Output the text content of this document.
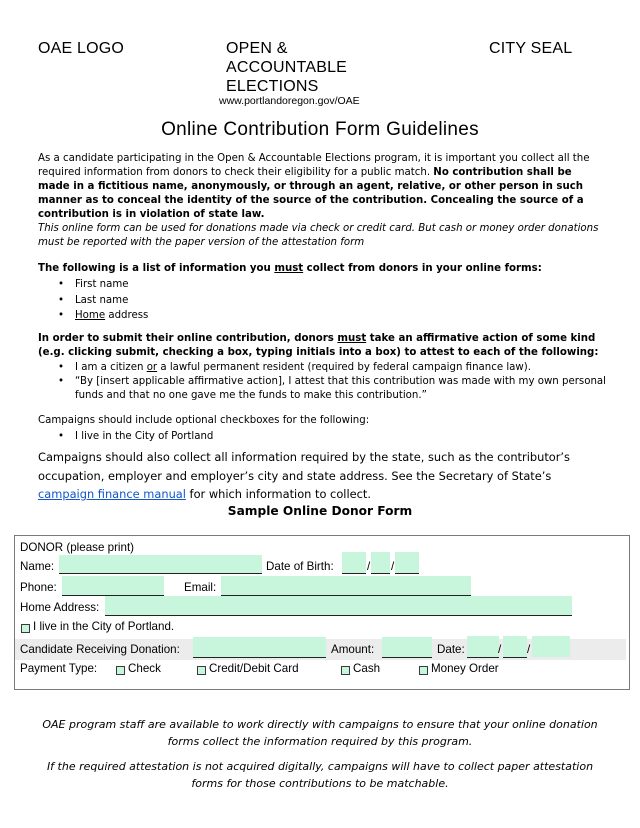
OAE LOGO	OPEN &
ACCOUNTABLE
ELECTIONS
CITY SEAL
www.portlandoregon.gov/OAE
Online Contribution Form Guidelines
As a candidate participating in the Open & Accountable Elections program, it is important you collect all the required information from donors to check their eligibility for a public match. No contribution shall be made in a fictitious name, anonymously, or through an agent, relative, or other person in such manner as to conceal the identity of the source of the contribution. Concealing the source of a contribution is in violation of state law.
This online form can be used for donations made via check or credit card. But cash or money order donations must be reported with the paper version of the attestation form
The following is a list of information you must collect from donors in your online forms:
• First name
• Last name
• Home address
In order to submit their online contribution, donors must take an affirmative action of some kind (e.g. clicking submit, checking a box, typing initials into a box) to attest to each of the following:
• I am a citizen or a lawful permanent resident (required by federal campaign finance law).
• “By [insert applicable affirmative action], I attest that this contribution was made with my own personal funds and that no one gave me the funds to make this contribution.”
Campaigns should include optional checkboxes for the following:
• I live in the City of Portland
Campaigns should also collect all information required by the state, such as the contributor’s occupation, employer and employer’s city and state address. See the Secretary of State’s campaign finance manual for which information to collect.
Sample Online Donor Form
DONOR (please print)
Name:	Date of Birth:	/ /
Phone:	Email:
Home Address:
I live in the City of Portland.
Candidate Receiving Donation:	Amount:	Date:	/ /
Payment Type:	Check	Credit/Debit Card	Cash	Money Order
OAE program staff are available to work directly with campaigns to ensure that your online donation forms collect the information required by this program.
If the required attestation is not acquired digitally, campaigns will have to collect paper attestation forms for those contributions to be matchable.
